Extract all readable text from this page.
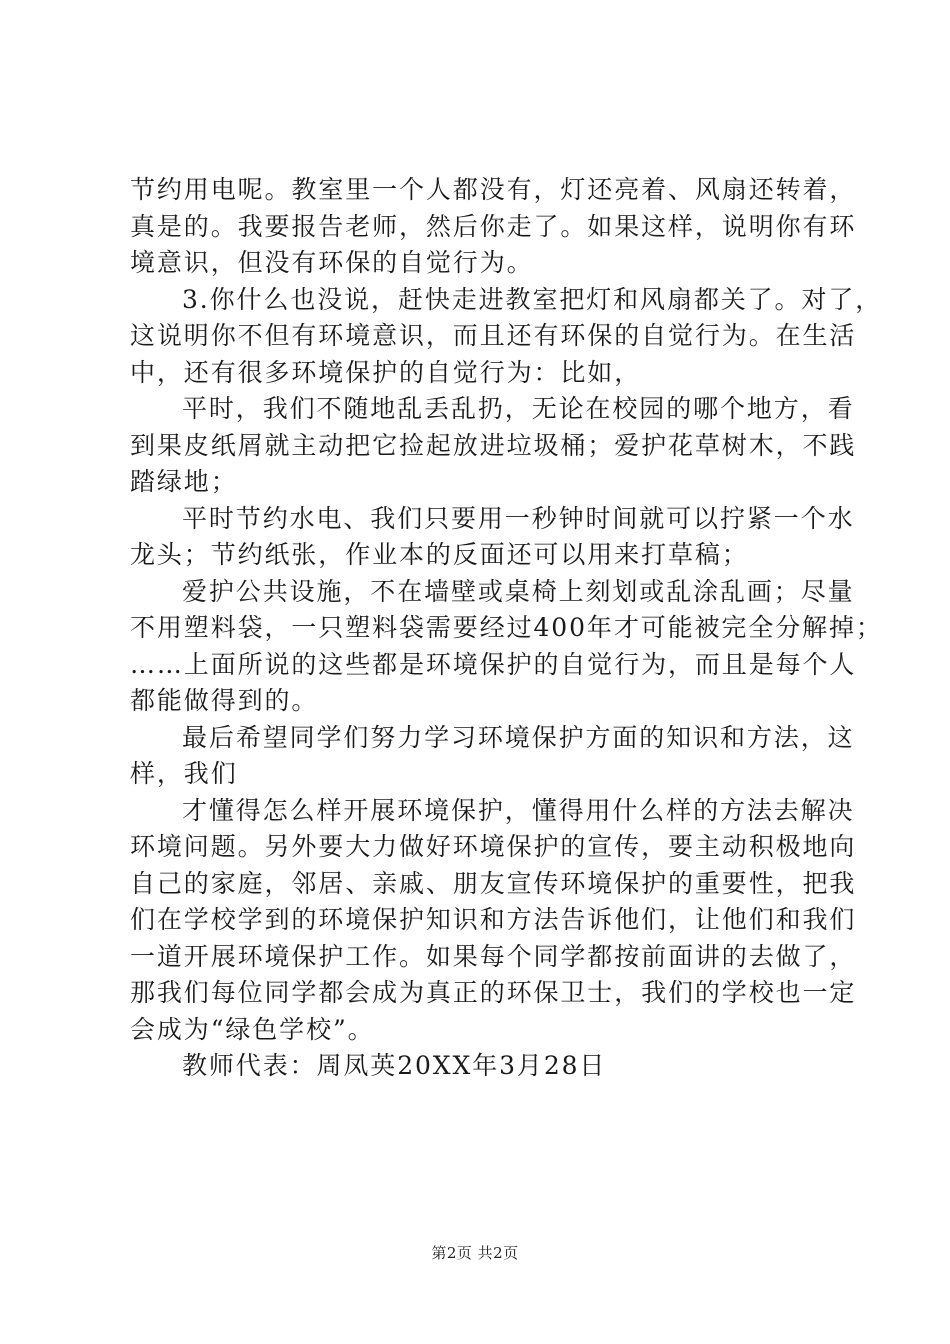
节约用电呢。教室里一个人都没有，灯还亮着、风扇还转着，
真是的。我要报告老师，然后你走了。如果这样，说明你有环
境意识，但没有环保的自觉行为。
3.你什么也没说，赶快走进教室把灯和风扇都关了。对了，
这说明你不但有环境意识，而且还有环保的自觉行为。在生活
中，还有很多环境保护的自觉行为：比如，
平时，我们不随地乱丢乱扔，无论在校园的哪个地方，看
到果皮纸屑就主动把它捡起放进垃圾桶；爱护花草树木，不践
踏绿地；
平时节约水电、我们只要用一秒钟时间就可以拧紧一个水
龙头；节约纸张，作业本的反面还可以用来打草稿；
爱护公共设施，不在墙壁或桌椅上刻划或乱涂乱画；尽量
不用塑料袋，一只塑料袋需要经过400年才可能被完全分解掉；
……上面所说的这些都是环境保护的自觉行为，而且是每个人
都能做得到的。
最后希望同学们努力学习环境保护方面的知识和方法，这
样，我们
才懂得怎么样开展环境保护，懂得用什么样的方法去解决
环境问题。另外要大力做好环境保护的宣传，要主动积极地向
自己的家庭，邻居、亲戚、朋友宣传环境保护的重要性，把我
们在学校学到的环境保护知识和方法告诉他们，让他们和我们
一道开展环境保护工作。如果每个同学都按前面讲的去做了，
那我们每位同学都会成为真正的环保卫士，我们的学校也一定
会成为“绿色学校”。
教师代表：周凤英20XX年3月28日
第2页 共2页
